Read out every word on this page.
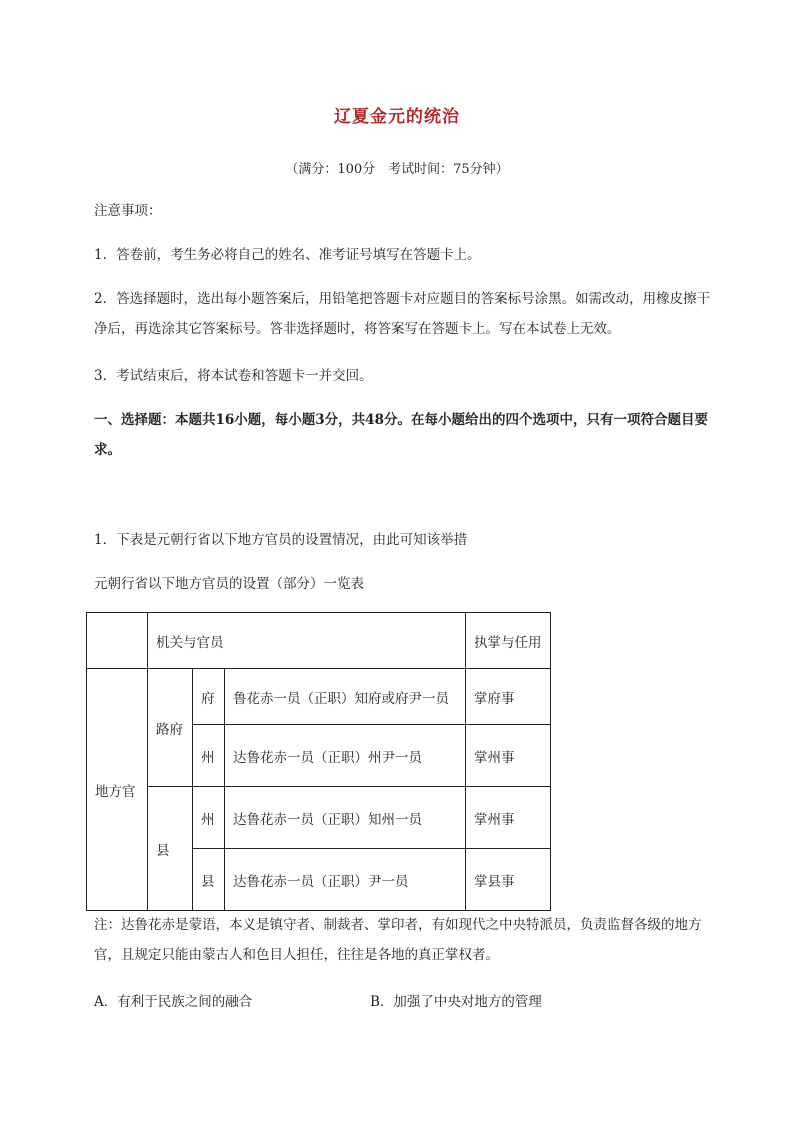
辽夏金元的统治
（满分：100分　考试时间：75分钟）
注意事项：
1．答卷前，考生务必将自己的姓名、准考证号填写在答题卡上。
2．答选择题时，选出每小题答案后，用铅笔把答题卡对应题目的答案标号涂黑。如需改动，用橡皮擦干净后，再选涂其它答案标号。答非选择题时，将答案写在答题卡上。写在本试卷上无效。
3．考试结束后，将本试卷和答题卡一并交回。
一、选择题：本题共16小题，每小题3分，共48分。在每小题给出的四个选项中，只有一项符合题目要求。
1．下表是元朝行省以下地方官员的设置情况，由此可知该举措
元朝行省以下地方官员的设置（部分）一览表
	机关与官员			执掌与任用
地方官	路府	府	鲁花赤一员（正职）知府或府尹一员	掌府事
		州	达鲁花赤一员（正职）州尹一员	掌州事
	县	州	达鲁花赤一员（正职）知州一员	掌州事
		县	达鲁花赤一员（正职）尹一员	掌县事
注：达鲁花赤是蒙语，本义是镇守者、制裁者、掌印者，有如现代之中央特派员，负责监督各级的地方官，且规定只能由蒙古人和色目人担任，往往是各地的真正掌权者。
A．有利于民族之间的融合	B．加强了中央对地方的管理
